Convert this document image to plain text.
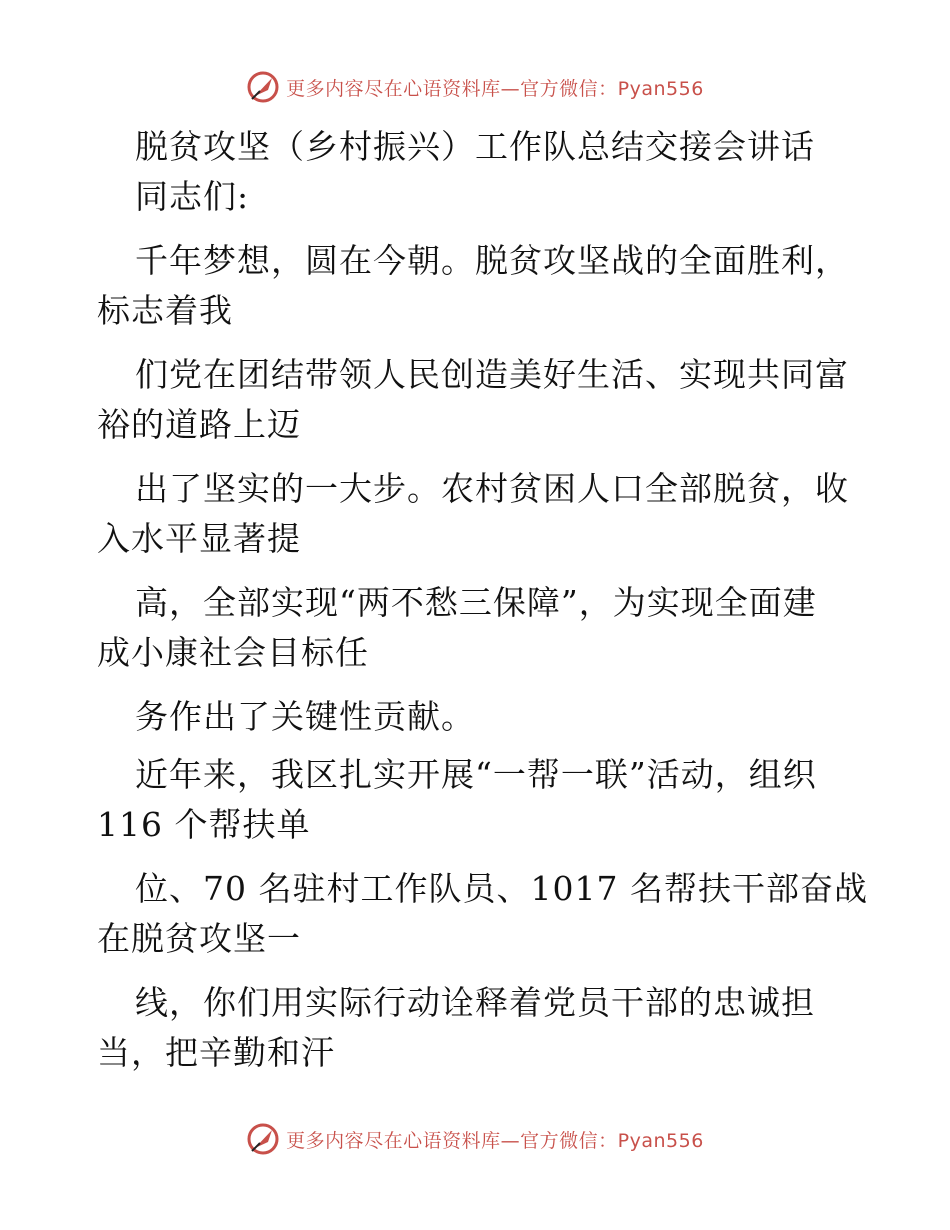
更多内容尽在心语资料库—官方微信：Pyan556
脱贫攻坚（乡村振兴）工作队总结交接会讲话
同志们:
千年梦想，圆在今朝。脱贫攻坚战的全面胜利，
标志着我
们党在团结带领人民创造美好生活、实现共同富
裕的道路上迈
出了坚实的一大步。农村贫困人口全部脱贫，收
入水平显著提
高，全部实现“两不愁三保障”，为实现全面建
成小康社会目标任
务作出了关键性贡献。
近年来，我区扎实开展“一帮一联”活动，组织
116 个帮扶单
位、70 名驻村工作队员、1017 名帮扶干部奋战
在脱贫攻坚一
线，你们用实际行动诠释着党员干部的忠诚担
当，把辛勤和汗
更多内容尽在心语资料库—官方微信：Pyan556
